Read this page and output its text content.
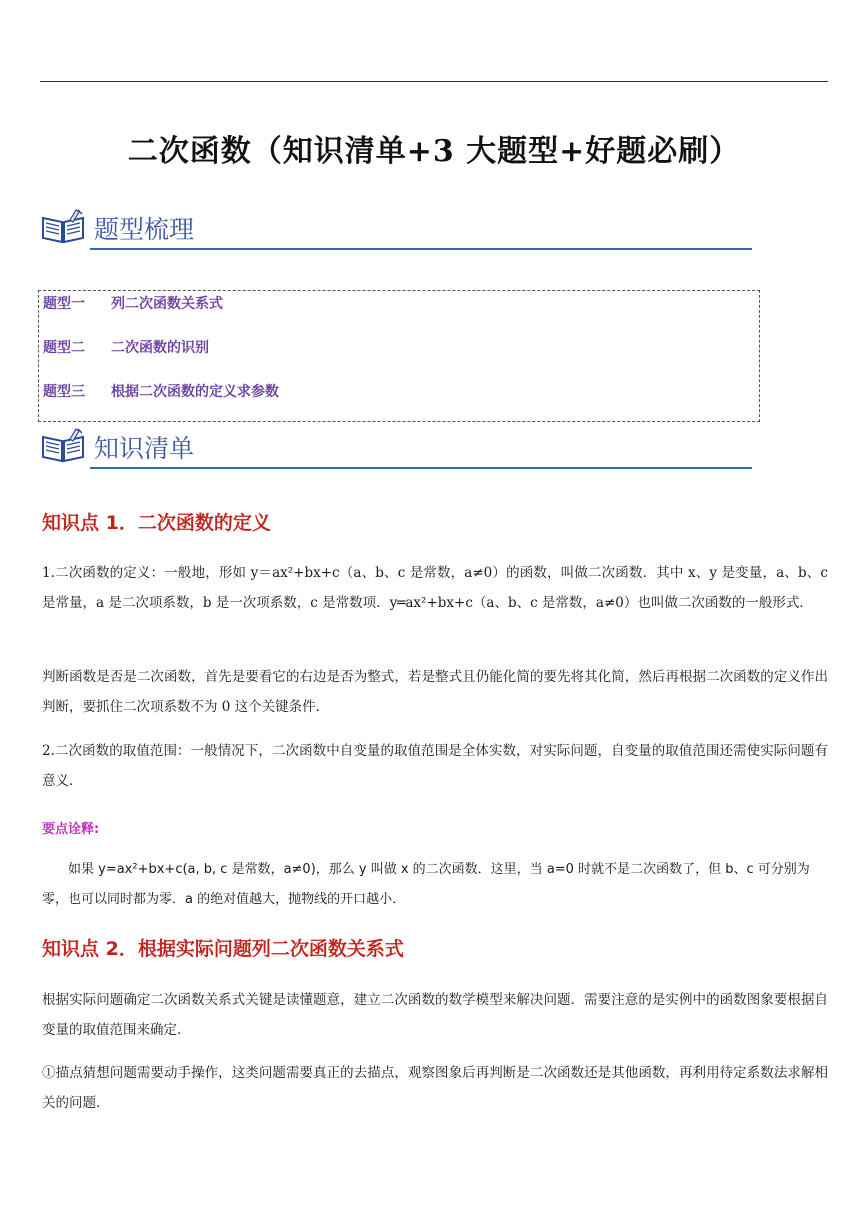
二次函数（知识清单+3 大题型+好题必刷）
题型梳理
题型一 列二次函数关系式
题型二 二次函数的识别
题型三 根据二次函数的定义求参数
知识清单
知识点 1．二次函数的定义
1.二次函数的定义：一般地，形如 y＝ax²+bx+c（a、b、c 是常数，a≠0）的函数，叫做二次函数．其中 x、y 是变量，a、b、c 是常量，a 是二次项系数，b 是一次项系数，c 是常数项．y═ax²+bx+c（a、b、c 是常数，a≠0）也叫做二次函数的一般形式．
判断函数是否是二次函数，首先是要看它的右边是否为整式，若是整式且仍能化简的要先将其化简，然后再根据二次函数的定义作出判断，要抓住二次项系数不为 0 这个关键条件．
2.二次函数的取值范围：一般情况下，二次函数中自变量的取值范围是全体实数，对实际问题，自变量的取值范围还需使实际问题有意义．
要点诠释:
如果 y=ax²+bx+c(a, b, c 是常数，a≠0)，那么 y 叫做 x 的二次函数．这里，当 a=0 时就不是二次函数了，但 b、c 可分别为零，也可以同时都为零．a 的绝对值越大，抛物线的开口越小．
知识点 2．根据实际问题列二次函数关系式
根据实际问题确定二次函数关系式关键是读懂题意，建立二次函数的数学模型来解决问题．需要注意的是实例中的函数图象要根据自变量的取值范围来确定．
①描点猜想问题需要动手操作，这类问题需要真正的去描点，观察图象后再判断是二次函数还是其他函数，再利用待定系数法求解相关的问题．
